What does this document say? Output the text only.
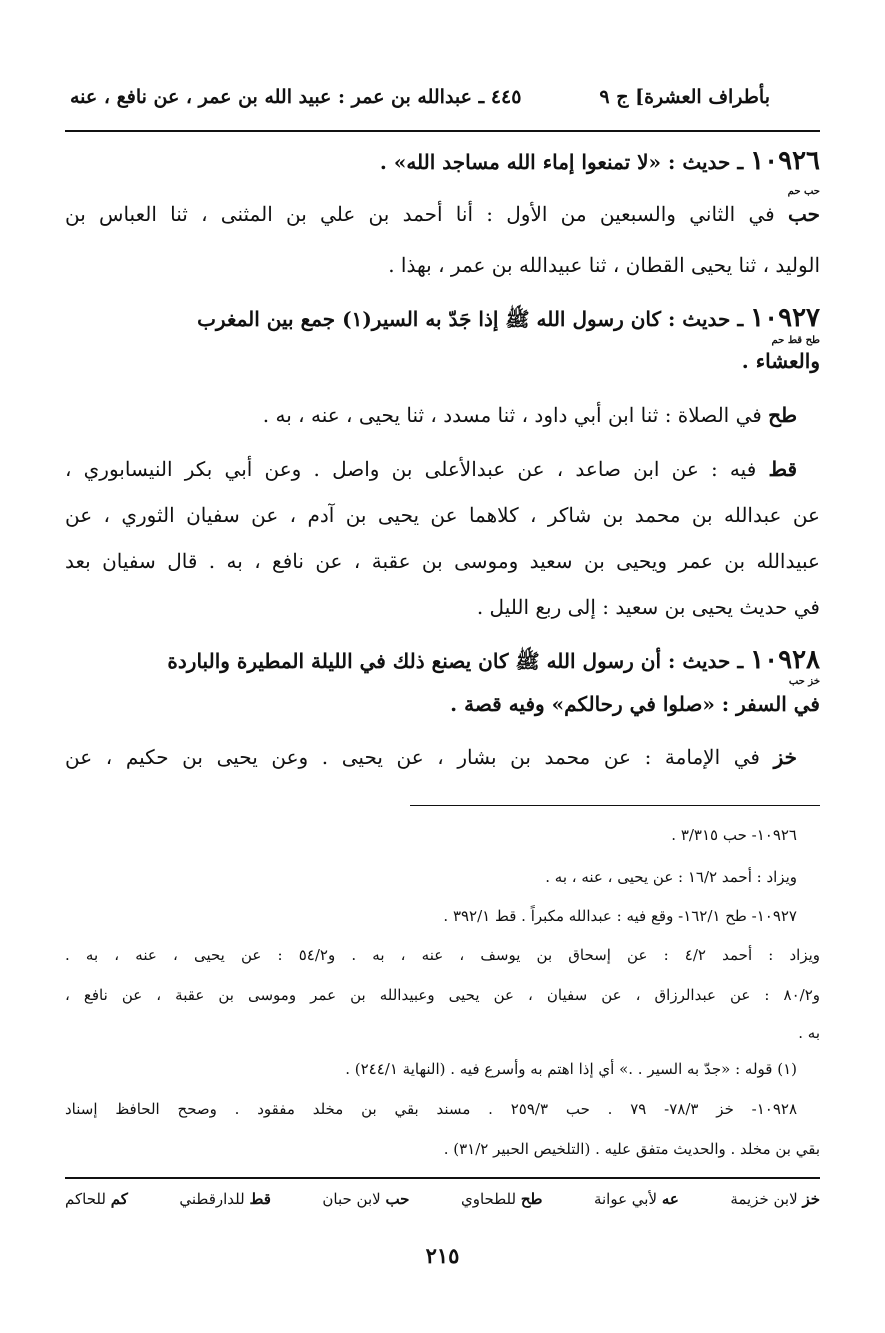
بأطراف العشرة] ج ٩
٤٤٥ ـ عبدالله بن عمر : عبيد الله بن عمر ، عن نافع ، عنه
١٠٩٢٦ ـ حديث : «لا تمنعوا إماء الله مساجد الله» .
حب حم
حب في الثاني والسبعين من الأول : أنا أحمد بن علي بن المثنى ، ثنا العباس بن
الوليد ، ثنا يحيى القطان ، ثنا عبيدالله بن عمر ، بهذا .
١٠٩٢٧ ـ حديث : كان رسول الله ﷺ إذا جَدّ به السير(١) جمع بين المغرب
طح قط حم
والعشاء .
طح في الصلاة : ثنا ابن أبي داود ، ثنا مسدد ، ثنا يحيى ، عنه ، به .
قط فيه : عن ابن صاعد ، عن عبدالأعلى بن واصل . وعن أبي بكر النيسابوري ،
عن عبدالله بن محمد بن شاكر ، كلاهما عن يحيى بن آدم ، عن سفيان الثوري ، عن
عبيدالله بن عمر ويحيى بن سعيد وموسى بن عقبة ، عن نافع ، به . قال سفيان بعد
في حديث يحيى بن سعيد : إلى ربع الليل .
١٠٩٢٨ ـ حديث : أن رسول الله ﷺ كان يصنع ذلك في الليلة المطيرة والباردة
خز حب
في السفر : «صلوا في رحالكم» وفيه قصة .
خز في الإمامة : عن محمد بن بشار ، عن يحيى . وعن يحيى بن حكيم ، عن
١٠٩٢٦- حب ٣/٣١٥ .
ويزاد : أحمد ١٦/٢ : عن يحيى ، عنه ، به .
١٠٩٢٧- طح ١٦٢/١- وقع فيه : عبدالله مكبراً . قط ٣٩٢/١ .
ويزاد : أحمد ٤/٢ : عن إسحاق بن يوسف ، عنه ، به . و٥٤/٢ : عن يحيى ، عنه ، به .
و٨٠/٢ : عن عبدالرزاق ، عن سفيان ، عن يحيى وعبيدالله بن عمر وموسى بن عقبة ، عن نافع ،
به .
(١) قوله : «جدّ به السير . .» أي إذا اهتم به وأسرع فيه . (النهاية ٢٤٤/١) .
١٠٩٢٨- خز ٧٨/٣- ٧٩ . حب ٢٥٩/٣ . مسند بقي بن مخلد مفقود . وصحح الحافظ إسناد
بقي بن مخلد . والحديث متفق عليه . (التلخيص الحبير ٣١/٢) .
خز لابن خزيمة
عه لأبي عوانة
طح للطحاوي
حب لابن حبان
قط للدارقطني
كم للحاكم
٢١٥
